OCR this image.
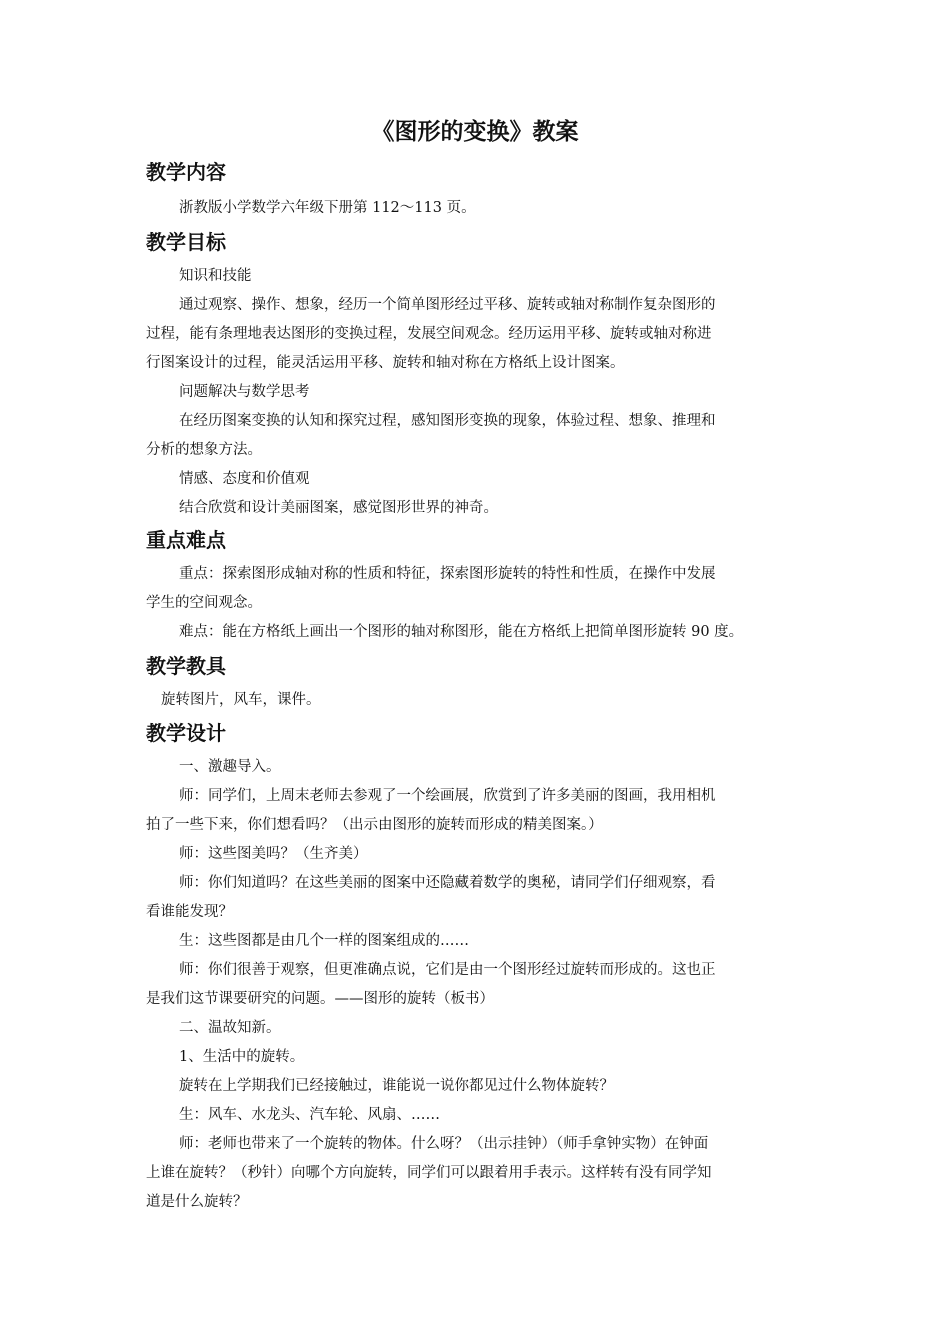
《图形的变换》教案
教学内容

浙教版小学数学六年级下册第 112～113 页。

教学目标

知识和技能

通过观察、操作、想象，经历一个简单图形经过平移、旋转或轴对称制作复杂图形的

过程，能有条理地表达图形的变换过程，发展空间观念。经历运用平移、旋转或轴对称进

行图案设计的过程，能灵活运用平移、旋转和轴对称在方格纸上设计图案。

问题解决与数学思考

在经历图案变换的认知和探究过程，感知图形变换的现象，体验过程、想象、推理和

分析的想象方法。

情感、态度和价值观

结合欣赏和设计美丽图案，感觉图形世界的神奇。

重点难点

重点：探索图形成轴对称的性质和特征，探索图形旋转的特性和性质，在操作中发展

学生的空间观念。

难点：能在方格纸上画出一个图形的轴对称图形，能在方格纸上把简单图形旋转 90 度。

教学教具

旋转图片，风车，课件。

教学设计

一、激趣导入。

师：同学们，上周末老师去参观了一个绘画展，欣赏到了许多美丽的图画，我用相机

拍了一些下来，你们想看吗？（出示由图形的旋转而形成的精美图案。）

师：这些图美吗？（生齐美）

师：你们知道吗？在这些美丽的图案中还隐藏着数学的奥秘，请同学们仔细观察，看

看谁能发现？

生：这些图都是由几个一样的图案组成的……

师：你们很善于观察，但更准确点说，它们是由一个图形经过旋转而形成的。这也正

是我们这节课要研究的问题。——图形的旋转（板书）

二、温故知新。

1、生活中的旋转。

旋转在上学期我们已经接触过，谁能说一说你都见过什么物体旋转？

生：风车、水龙头、汽车轮、风扇、……

师：老师也带来了一个旋转的物体。什么呀？（出示挂钟）（师手拿钟实物）在钟面

上谁在旋转？（秒针）向哪个方向旋转，同学们可以跟着用手表示。这样转有没有同学知

道是什么旋转？
